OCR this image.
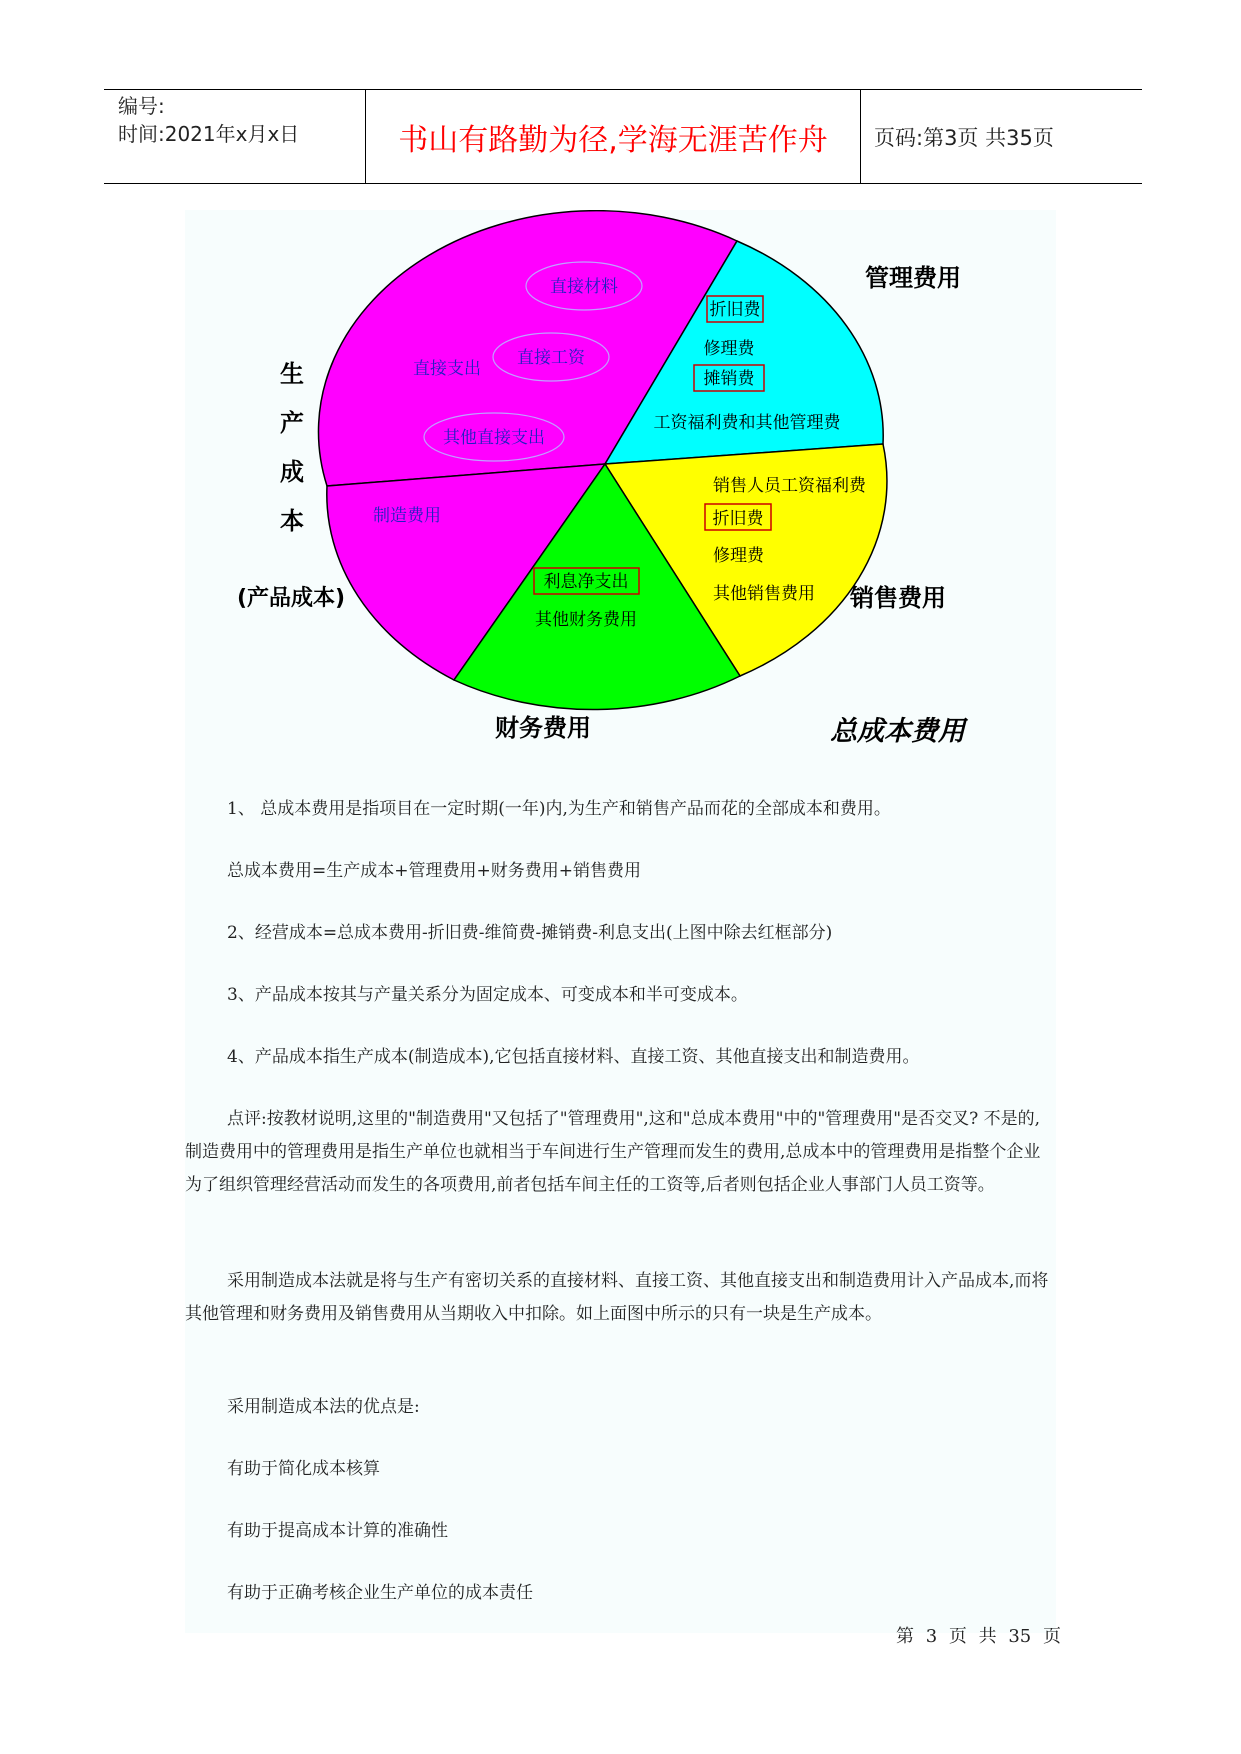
编号:
时间:2021年x月x日	书山有路勤为径,学海无涯苦作舟	页码:第3页 共35页
直接材料
直接支出
直接工资
其他直接支出
制造费用
折旧费
修理费
摊销费
工资福利费和其他管理费
销售人员工资福利费
折旧费
修理费
其他销售费用
利息净支出
其他财务费用
管理费用
销售费用
财务费用	总成本费用
生
产
成
本
(产品成本)
1、 总成本费用是指项目在一定时期(一年)内,为生产和销售产品而花的全部成本和费用。
总成本费用=生产成本+管理费用+财务费用+销售费用
2、经营成本=总成本费用-折旧费-维简费-摊销费-利息支出(上图中除去红框部分)
3、产品成本按其与产量关系分为固定成本、可变成本和半可变成本。
4、产品成本指生产成本(制造成本),它包括直接材料、直接工资、其他直接支出和制造费用。
点评:按教材说明,这里的"制造费用"又包括了"管理费用",这和"总成本费用"中的"管理费用"是否交叉? 不是的,制造费用中的管理费用是指生产单位也就相当于车间进行生产管理而发生的费用,总成本中的管理费用是指整个企业为了组织管理经营活动而发生的各项费用,前者包括车间主任的工资等,后者则包括企业人事部门人员工资等。
采用制造成本法就是将与生产有密切关系的直接材料、直接工资、其他直接支出和制造费用计入产品成本,而将其他管理和财务费用及销售费用从当期收入中扣除。如上面图中所示的只有一块是生产成本。
采用制造成本法的优点是:
有助于简化成本核算
有助于提高成本计算的准确性
有助于正确考核企业生产单位的成本责任
第 3 页 共 35 页
